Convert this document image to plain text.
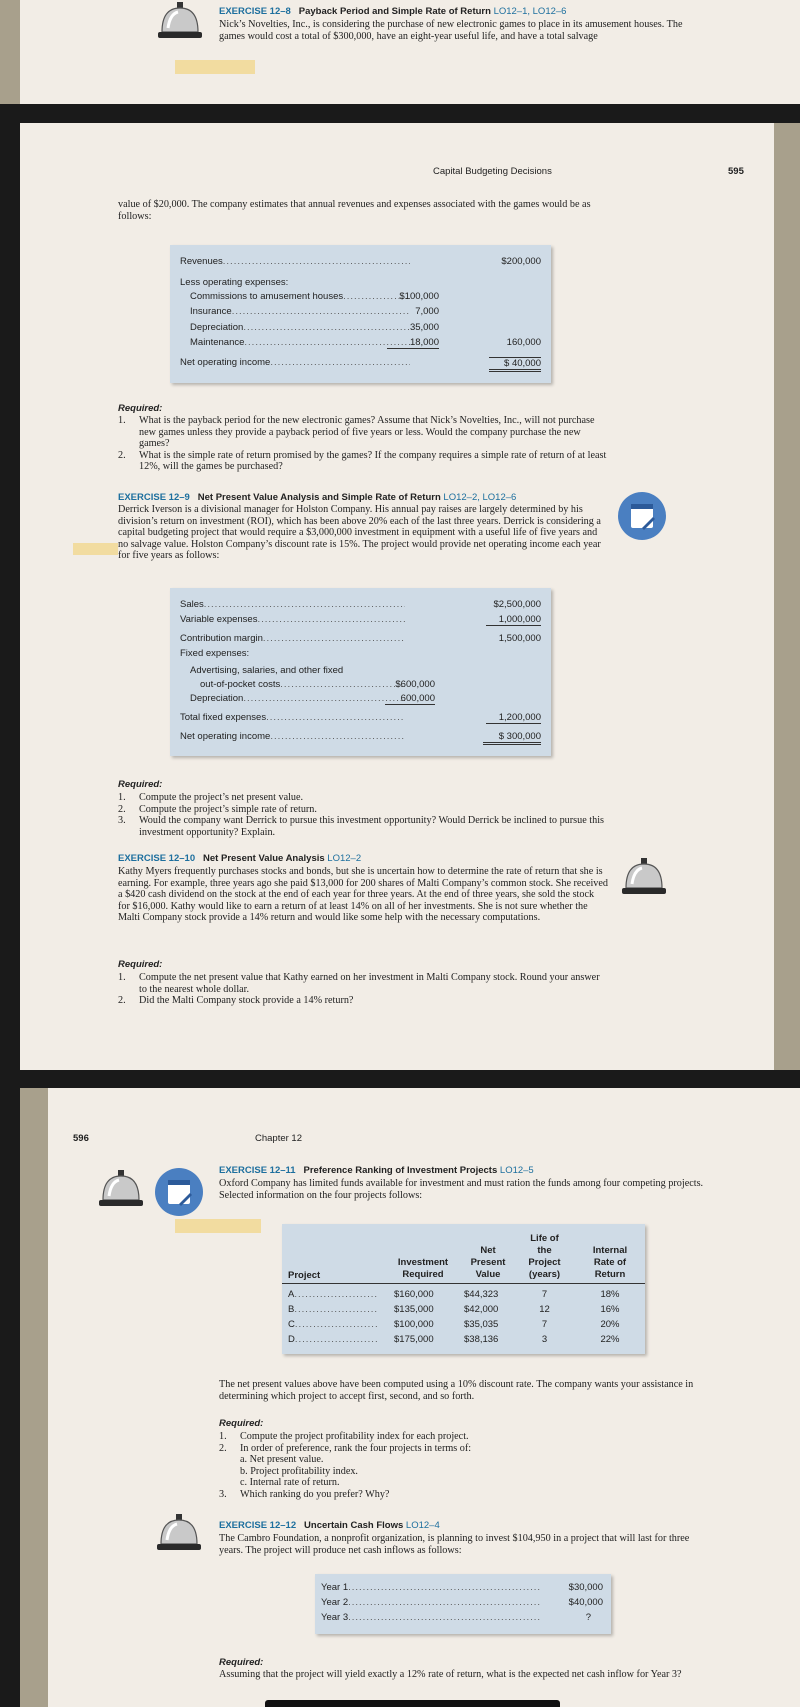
EXERCISE 12–8 Payback Period and Simple Rate of Return LO12–1, LO12–6

Nick’s Novelties, Inc., is considering the purchase of new electronic games to place in its amusement houses. The games would cost a total of $300,000, have an eight-year useful life, and have a total salvage

Capital Budgeting Decisions	595

value of $20,000. The company estimates that annual revenues and expenses associated with the games would be as follows:

Revenues .....	$200,000
Less operating expenses:
Commissions to amusement houses .....	$100,000
Insurance .....	7,000
Depreciation .....	35,000
Maintenance .....	18,000	160,000
Net operating income .....	$ 40,000
Required:
1. What is the payback period for the new electronic games? Assume that Nick’s Novelties, Inc., will not purchase new games unless they provide a payback period of five years or less. Would the company purchase the new games?
2. What is the simple rate of return promised by the games? If the company requires a simple rate of return of at least 12%, will the games be purchased?
EXERCISE 12–9 Net Present Value Analysis and Simple Rate of Return LO12–2, LO12–6

Derrick Iverson is a divisional manager for Holston Company. His annual pay raises are largely determined by his division’s return on investment (ROI), which has been above 20% each of the last three years. Derrick is considering a capital budgeting project that would require a $3,000,000 investment in equipment with a useful life of five years and no salvage value. Holston Company’s discount rate is 15%. The project would provide net operating income each year for five years as follows:

Sales .....	$2,500,000
Variable expenses .....	1,000,000
Contribution margin .....	1,500,000
Fixed expenses:
Advertising, salaries, and other fixed
out-of-pocket costs .....	$600,000
Depreciation .....	600,000
Total fixed expenses .....	1,200,000
Net operating income .....	$ 300,000
Required:
1. Compute the project’s net present value.
2. Compute the project’s simple rate of return.
3. Would the company want Derrick to pursue this investment opportunity? Would Derrick be inclined to pursue this investment opportunity? Explain.
EXERCISE 12–10 Net Present Value Analysis LO12–2

Kathy Myers frequently purchases stocks and bonds, but she is uncertain how to determine the rate of return that she is earning. For example, three years ago she paid $13,000 for 200 shares of Malti Company’s common stock. She received a $420 cash dividend on the stock at the end of each year for three years. At the end of three years, she sold the stock for $16,000. Kathy would like to earn a return of at least 14% on all of her investments. She is not sure whether the Malti Company stock provide a 14% return and would like some help with the necessary computations.

Required:
1. Compute the net present value that Kathy earned on her investment in Malti Company stock. Round your answer to the nearest whole dollar.
2. Did the Malti Company stock provide a 14% return?
596	Chapter 12
EXERCISE 12–11 Preference Ranking of Investment Projects LO12–5

Oxford Company has limited funds available for investment and must ration the funds among four competing projects. Selected information on the four projects follows:

Project
Investment Required
Net Present Value
Life of the Project (years)
Internal Rate of Return
A .....	$160,000	$44,323	7	18%
B .....	$135,000	$42,000	12	16%
C .....	$100,000	$35,035	7	20%
D .....	$175,000	$38,136	3	22%

The net present values above have been computed using a 10% discount rate. The company wants your assistance in determining which project to accept first, second, and so forth.

Required:
1. Compute the project profitability index for each project.
2. In order of preference, rank the four projects in terms of:
a. Net present value.
b. Project profitability index.
c. Internal rate of return.
3. Which ranking do you prefer? Why?
EXERCISE 12–12 Uncertain Cash Flows LO12–4

The Cambro Foundation, a nonprofit organization, is planning to invest $104,950 in a project that will last for three years. The project will produce net cash inflows as follows:

Year 1 .....	$30,000
Year 2 .....	$40,000
Year 3 .....	?
Required:

Assuming that the project will yield exactly a 12% rate of return, what is the expected net cash inflow for Year 3?
